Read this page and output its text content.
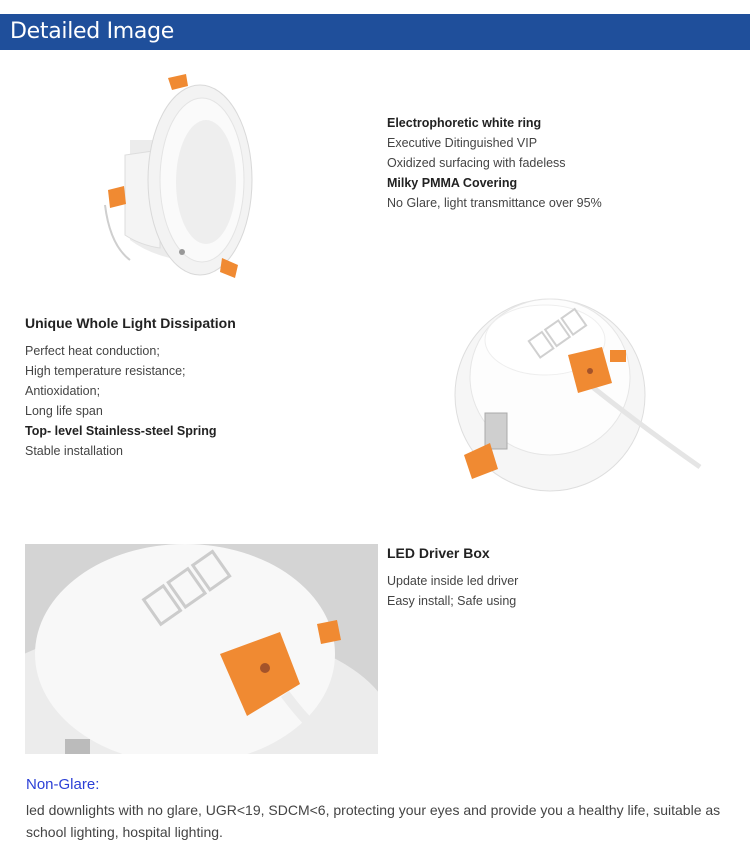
Detailed Image
Electrophoretic white ring
Executive Ditinguished VIP
Oxidized surfacing with fadeless
Milky PMMA Covering
No Glare, light transmittance over 95%
Unique Whole Light Dissipation
Perfect heat conduction;
High temperature resistance;
Antioxidation;
Long life span
Top- level Stainless-steel Spring
Stable installation
LED Driver Box
Update inside led driver
Easy install; Safe using
Non-Glare:
led downlights with no glare, UGR<19, SDCM<6, protecting your eyes and provide you a healthy life, suitable as school lighting, hospital lighting.
